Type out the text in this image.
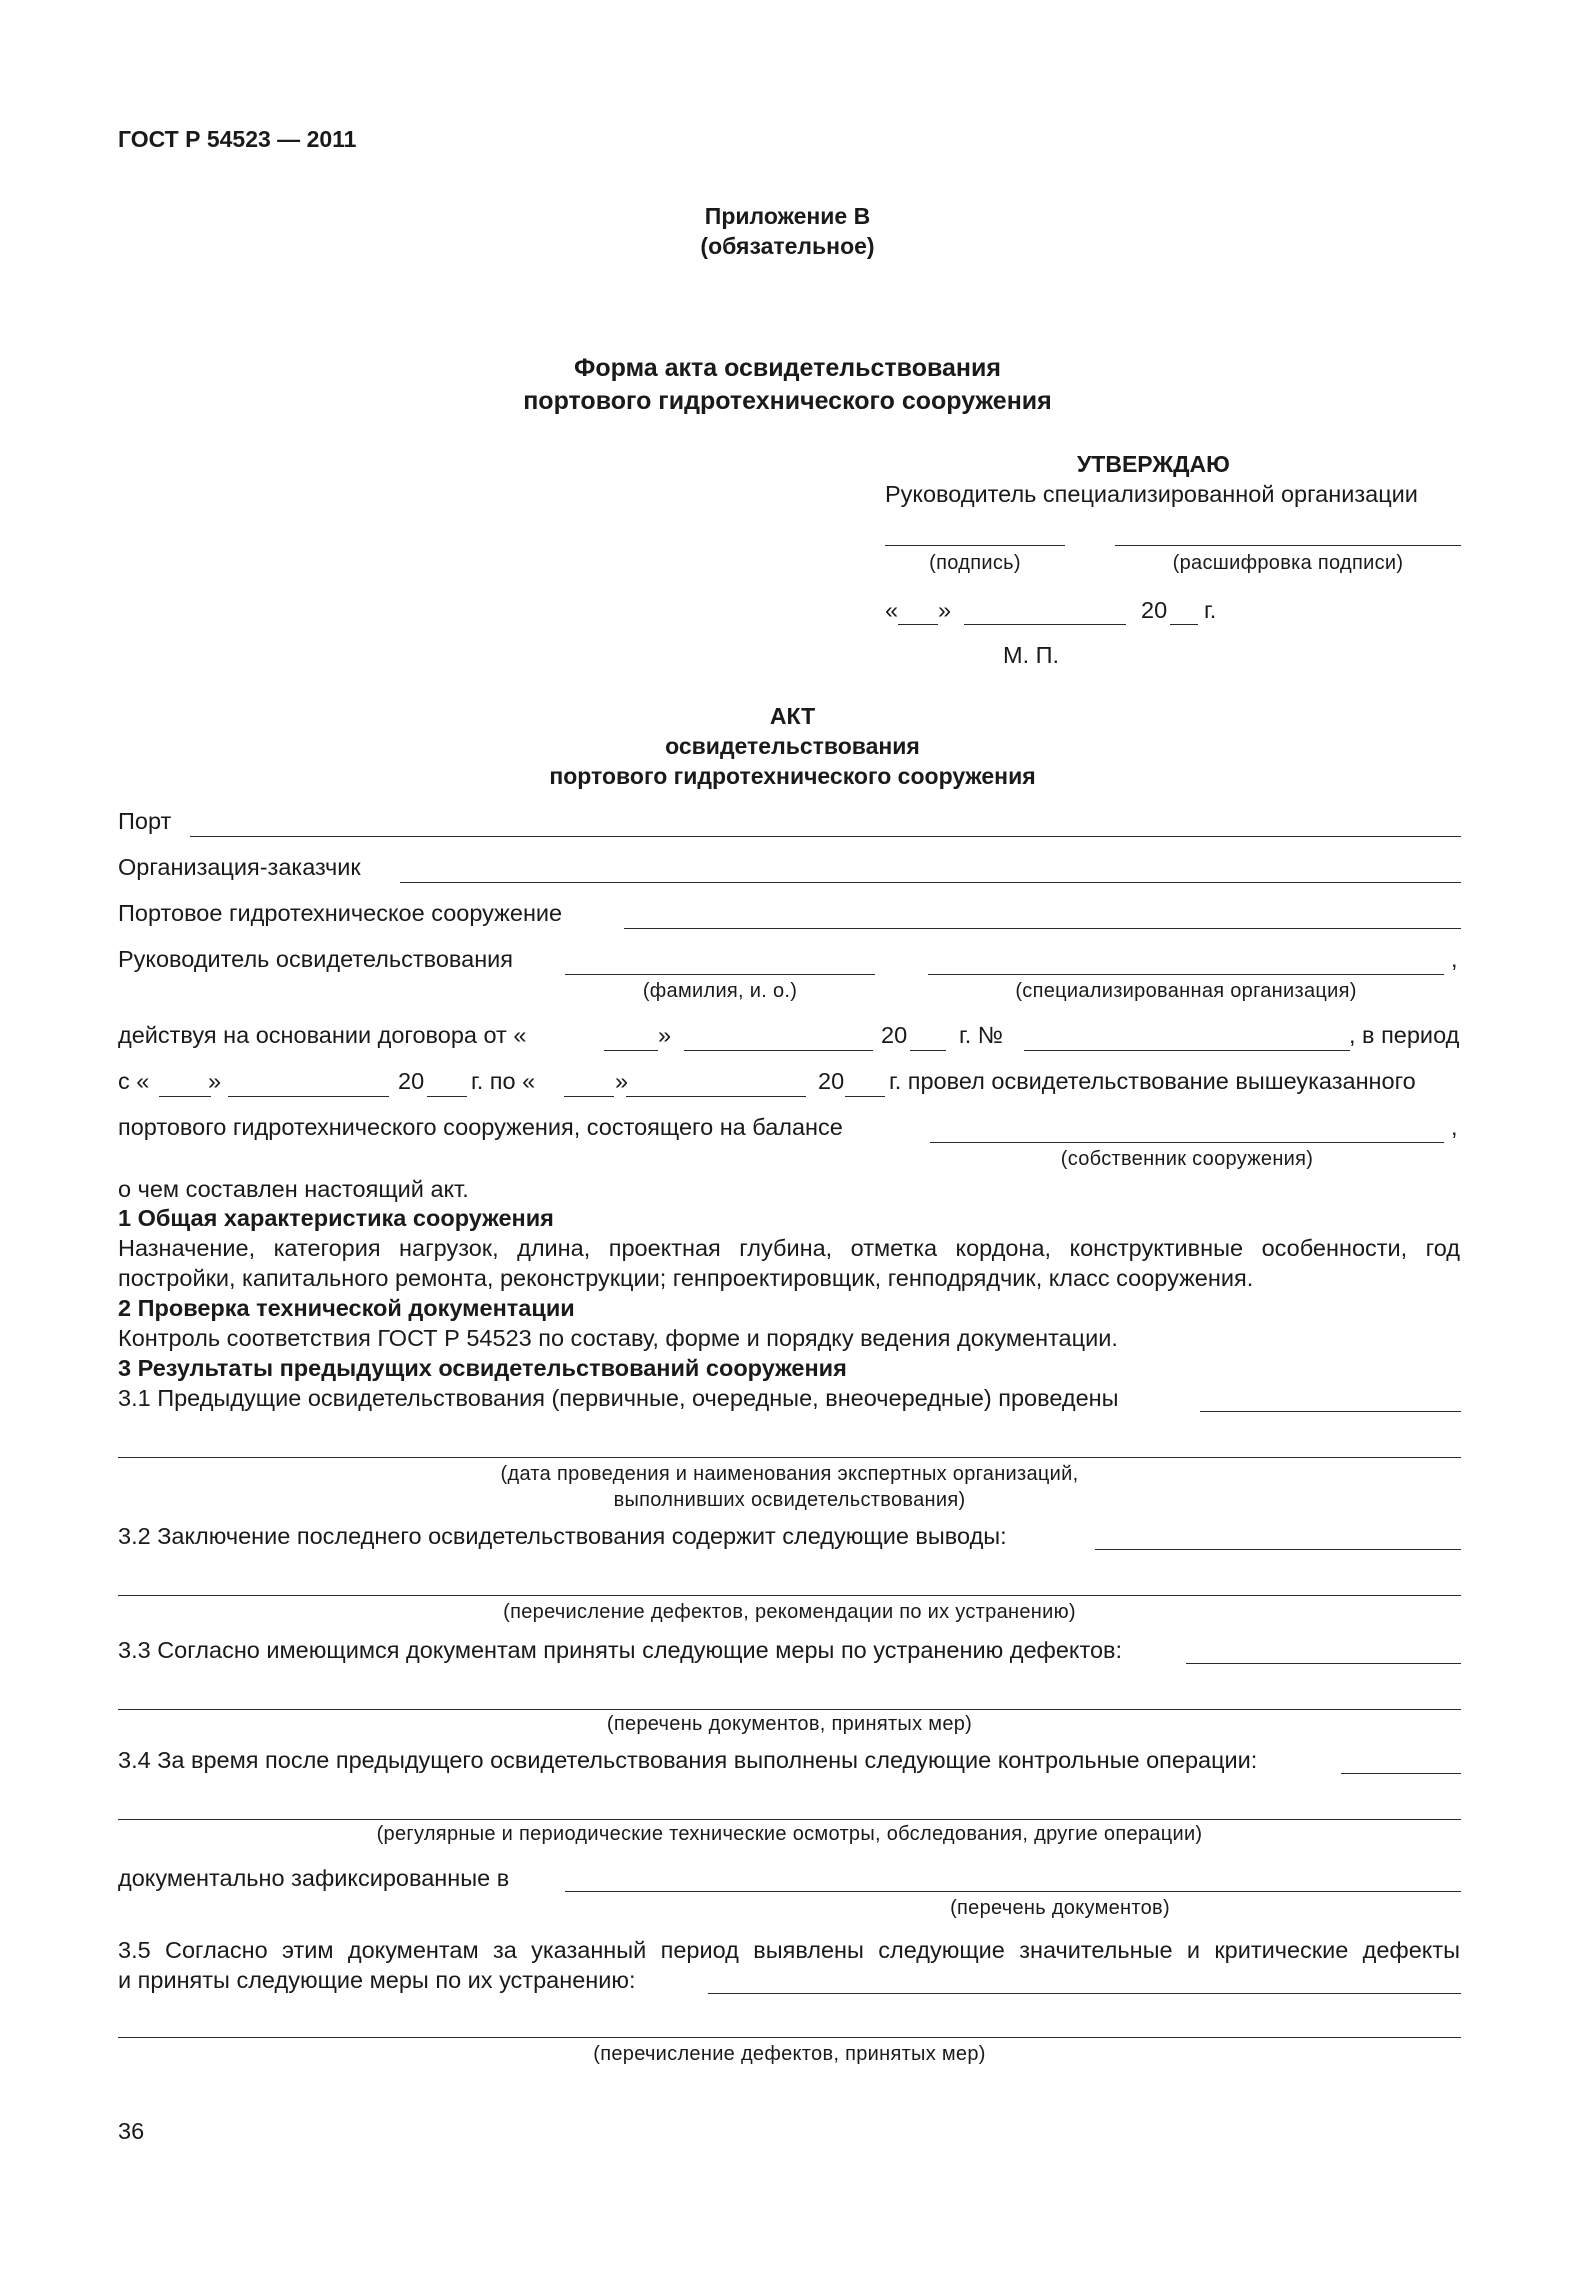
ГОСТ Р 54523 — 2011
Приложение В
(обязательное)
Форма акта освидетельствования
портового гидротехнического сооружения
УТВЕРЖДАЮ
Руководитель специализированной организации
(подпись)	(расшифровка подписи)
« »	20 г.
М. П.
АКТ
освидетельствования
портового гидротехнического сооружения
Порт
Организация-заказчик
Портовое гидротехническое сооружение
Руководитель освидетельствования	,
(фамилия, и. о.)	(специализированная организация)
действуя на основании договора от «	»	20 г. №	, в период
с « »	20 г. по «	»	20 г. провел освидетельствование вышеуказанного
портового гидротехнического сооружения, состоящего на балансе	,
(собственник сооружения)
о чем составлен настоящий акт.
1 Общая характеристика сооружения
Назначение, категория нагрузок, длина, проектная глубина, отметка кордона, конструктивные особенности, год
постройки, капитального ремонта, реконструкции; генпроектировщик, генподрядчик, класс сооружения.
2 Проверка технической документации
Контроль соответствия ГОСТ Р 54523 по составу, форме и порядку ведения документации.
3 Результаты предыдущих освидетельствований сооружения
3.1 Предыдущие освидетельствования (первичные, очередные, внеочередные) проведены
(дата проведения и наименования экспертных организаций,
выполнивших освидетельствования)
3.2 Заключение последнего освидетельствования содержит следующие выводы:
(перечисление дефектов, рекомендации по их устранению)
3.3 Согласно имеющимся документам приняты следующие меры по устранению дефектов:
(перечень документов, принятых мер)
3.4 За время после предыдущего освидетельствования выполнены следующие контрольные операции:
(регулярные и периодические технические осмотры, обследования, другие операции)
документально зафиксированные в
(перечень документов)
3.5 Согласно этим документам за указанный период выявлены следующие значительные и критические дефекты
и приняты следующие меры по их устранению:
(перечисление дефектов, принятых мер)
36
